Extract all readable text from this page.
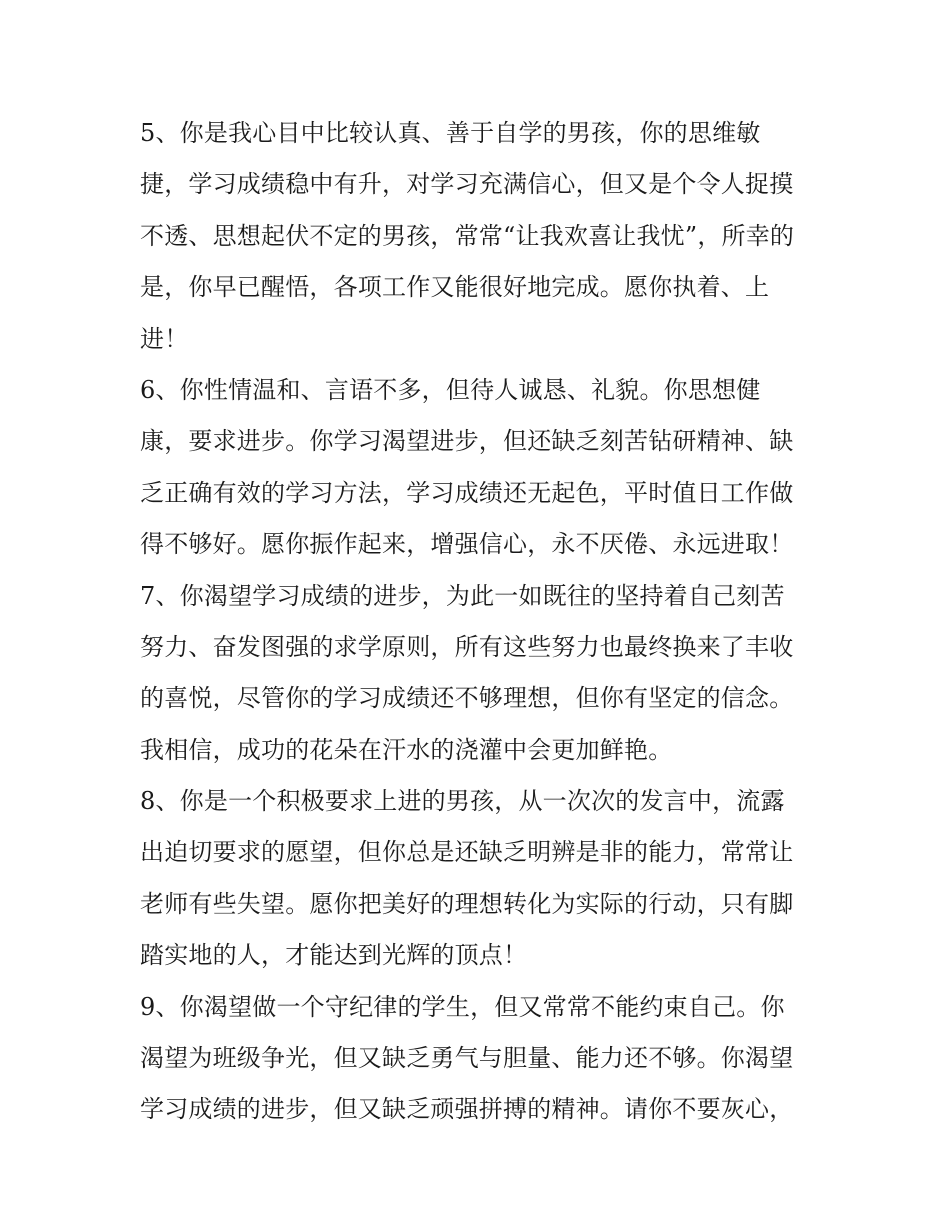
5、你是我心目中比较认真、善于自学的男孩，你的思维敏
捷，学习成绩稳中有升，对学习充满信心，但又是个令人捉摸
不透、思想起伏不定的男孩，常常“让我欢喜让我忧”，所幸的
是，你早已醒悟，各项工作又能很好地完成。愿你执着、上
进！
6、你性情温和、言语不多，但待人诚恳、礼貌。你思想健
康，要求进步。你学习渴望进步，但还缺乏刻苦钻研精神、缺
乏正确有效的学习方法，学习成绩还无起色，平时值日工作做
得不够好。愿你振作起来，增强信心，永不厌倦、永远进取！
7、你渴望学习成绩的进步，为此一如既往的坚持着自己刻苦
努力、奋发图强的求学原则，所有这些努力也最终换来了丰收
的喜悦，尽管你的学习成绩还不够理想，但你有坚定的信念。
我相信，成功的花朵在汗水的浇灌中会更加鲜艳。
8、你是一个积极要求上进的男孩，从一次次的发言中，流露
出迫切要求的愿望，但你总是还缺乏明辨是非的能力，常常让
老师有些失望。愿你把美好的理想转化为实际的行动，只有脚
踏实地的人，才能达到光辉的顶点！
9、你渴望做一个守纪律的学生，但又常常不能约束自己。你
渴望为班级争光，但又缺乏勇气与胆量、能力还不够。你渴望
学习成绩的进步，但又缺乏顽强拼搏的精神。请你不要灰心，
